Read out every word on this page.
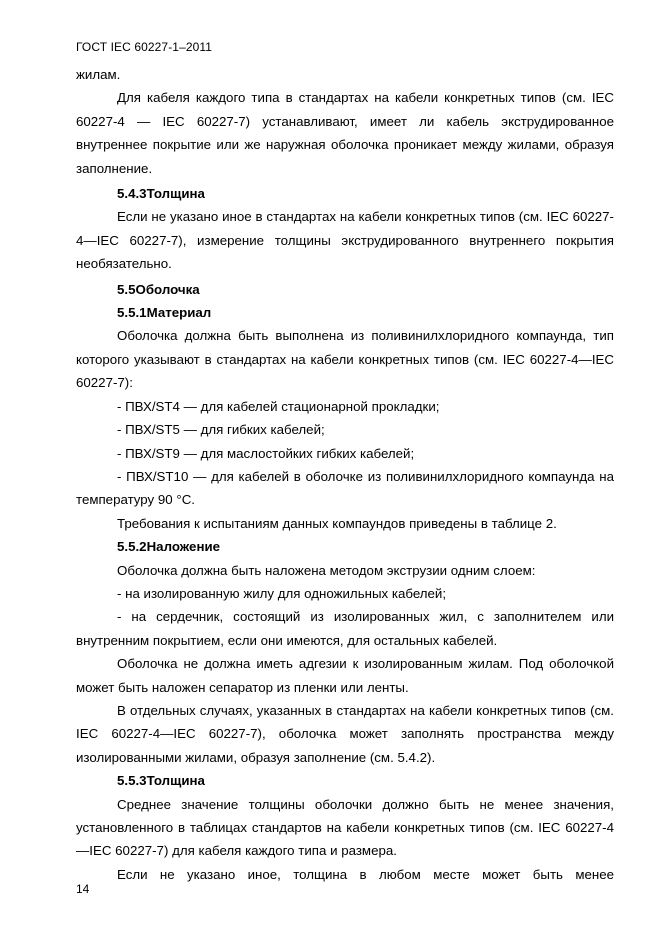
ГОСТ IEC 60227-1–2011

жилам.

Для кабеля каждого типа в стандартах на кабели конкретных типов (см. IEC 60227-4 — IEC 60227-7) устанавливают, имеет ли кабель экструдированное внутреннее покрытие или же наружная оболочка проникает между жилами, образуя заполнение.

5.4.3Толщина

Если не указано иное в стандартах на кабели конкретных типов (см. IEC 60227-4—IEC 60227-7), измерение толщины экструдированного внутреннего покрытия необязательно.

5.5Оболочка

5.5.1Материал

Оболочка должна быть выполнена из поливинилхлоридного компаунда, тип которого указывают в стандартах на кабели конкретных типов (см. IEC 60227-4—IEC 60227-7):

- ПВХ/ST4 — для кабелей стационарной прокладки;

- ПВХ/ST5 — для гибких кабелей;

- ПВХ/ST9 — для маслостойких гибких кабелей;

- ПВХ/ST10 — для кабелей в оболочке из поливинилхлоридного компаунда на температуру 90 °С.

Требования к испытаниям данных компаундов приведены в таблице 2.

5.5.2Наложение

Оболочка должна быть наложена методом экструзии одним слоем:

- на изолированную жилу для одножильных кабелей;

- на сердечник, состоящий из изолированных жил, с заполнителем или внутренним покрытием, если они имеются, для остальных кабелей.

Оболочка не должна иметь адгезии к изолированным жилам. Под оболочкой может быть наложен сепаратор из пленки или ленты.

В отдельных случаях, указанных в стандартах на кабели конкретных типов (см. IEC 60227-4—IEC 60227-7), оболочка может заполнять пространства между изолированными жилами, образуя заполнение (см. 5.4.2).

5.5.3Толщина

Среднее значение толщины оболочки должно быть не менее значения, установленного в таблицах стандартов на кабели конкретных типов (см. IEC 60227-4—IEC 60227-7) для кабеля каждого типа и размера.

Если не указано иное, толщина в любом месте может быть менее

14
